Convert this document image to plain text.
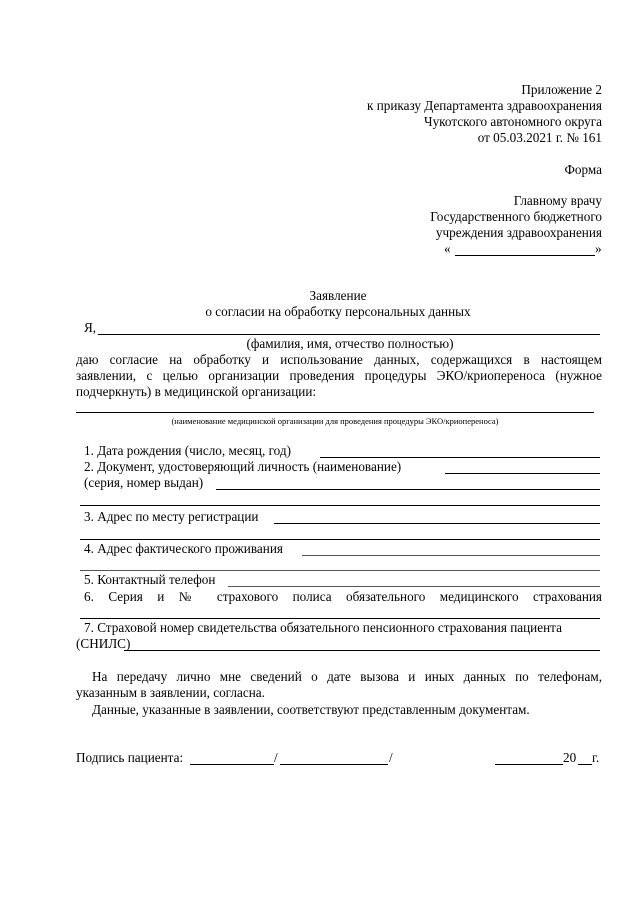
Приложение 2
к приказу Департамента здравоохранения
Чукотского автономного округа
от 05.03.2021 г. № 161
Форма
Главному врачу
Государственного бюджетного
учреждения здравоохранения
«	»
Заявление
о согласии на обработку персональных данных
Я,
(фамилия, имя, отчество полностью)
даю согласие на обработку и использование данных, содержащихся в настоящем
заявлении, с целью организации проведения процедуры ЭКО/криопереноса (нужное
подчеркнуть) в медицинской организации:
(наименование медицинской организации для проведения процедуры ЭКО/криопереноса)
1. Дата рождения (число, месяц, год)
2. Документ, удостоверяющий личность (наименование)
(серия, номер выдан)
3. Адрес по месту регистрации
4. Адрес фактического проживания
5. Контактный телефон
6. Серия и № страхового полиса обязательного медицинского страхования
7. Страховой номер свидетельства обязательного пенсионного страхования пациента
(СНИЛС)
На передачу лично мне сведений о дате вызова и иных данных по телефонам,
указанным в заявлении, согласна.
Данные, указанные в заявлении, соответствуют представленным документам.
Подпись пациента:	/	/	20 г.
